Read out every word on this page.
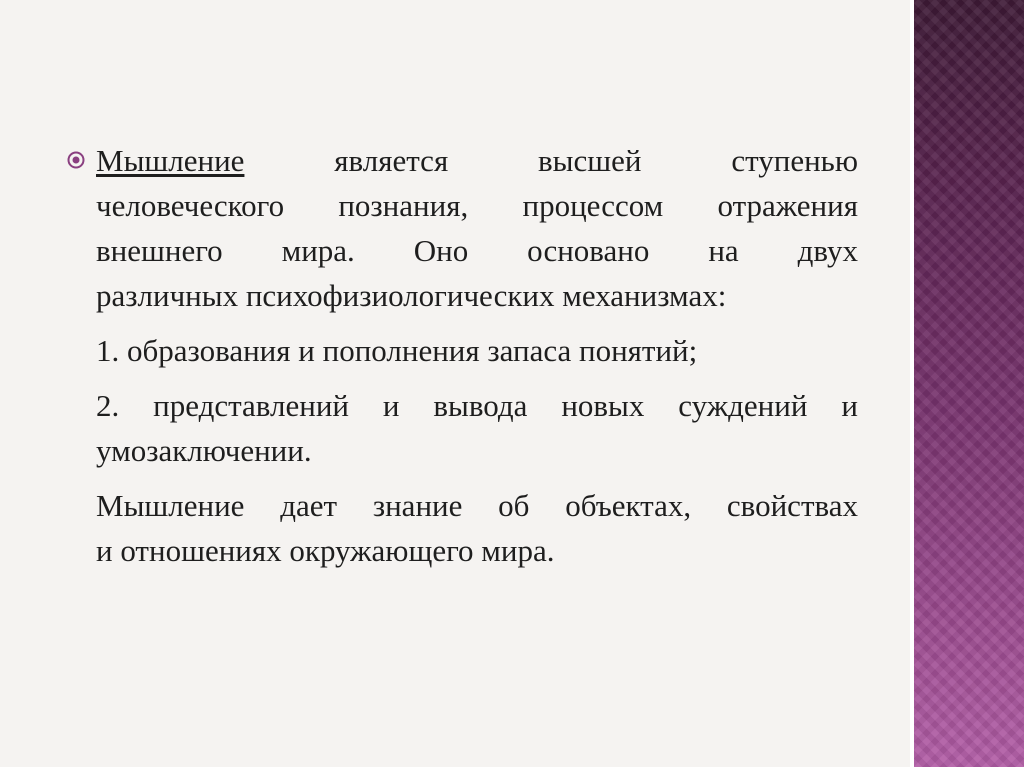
Мышление	является	высшей	ступенью
человеческого познания, процессом отражения
внешнего мира. Оно основано на двух
различных психофизиологических механизмах:

1. образования и пополнения запаса понятий;

2. представлений и вывода новых суждений и
умозаключении.

Мышление дает знание об объектах, свойствах
и отношениях окружающего мира.
